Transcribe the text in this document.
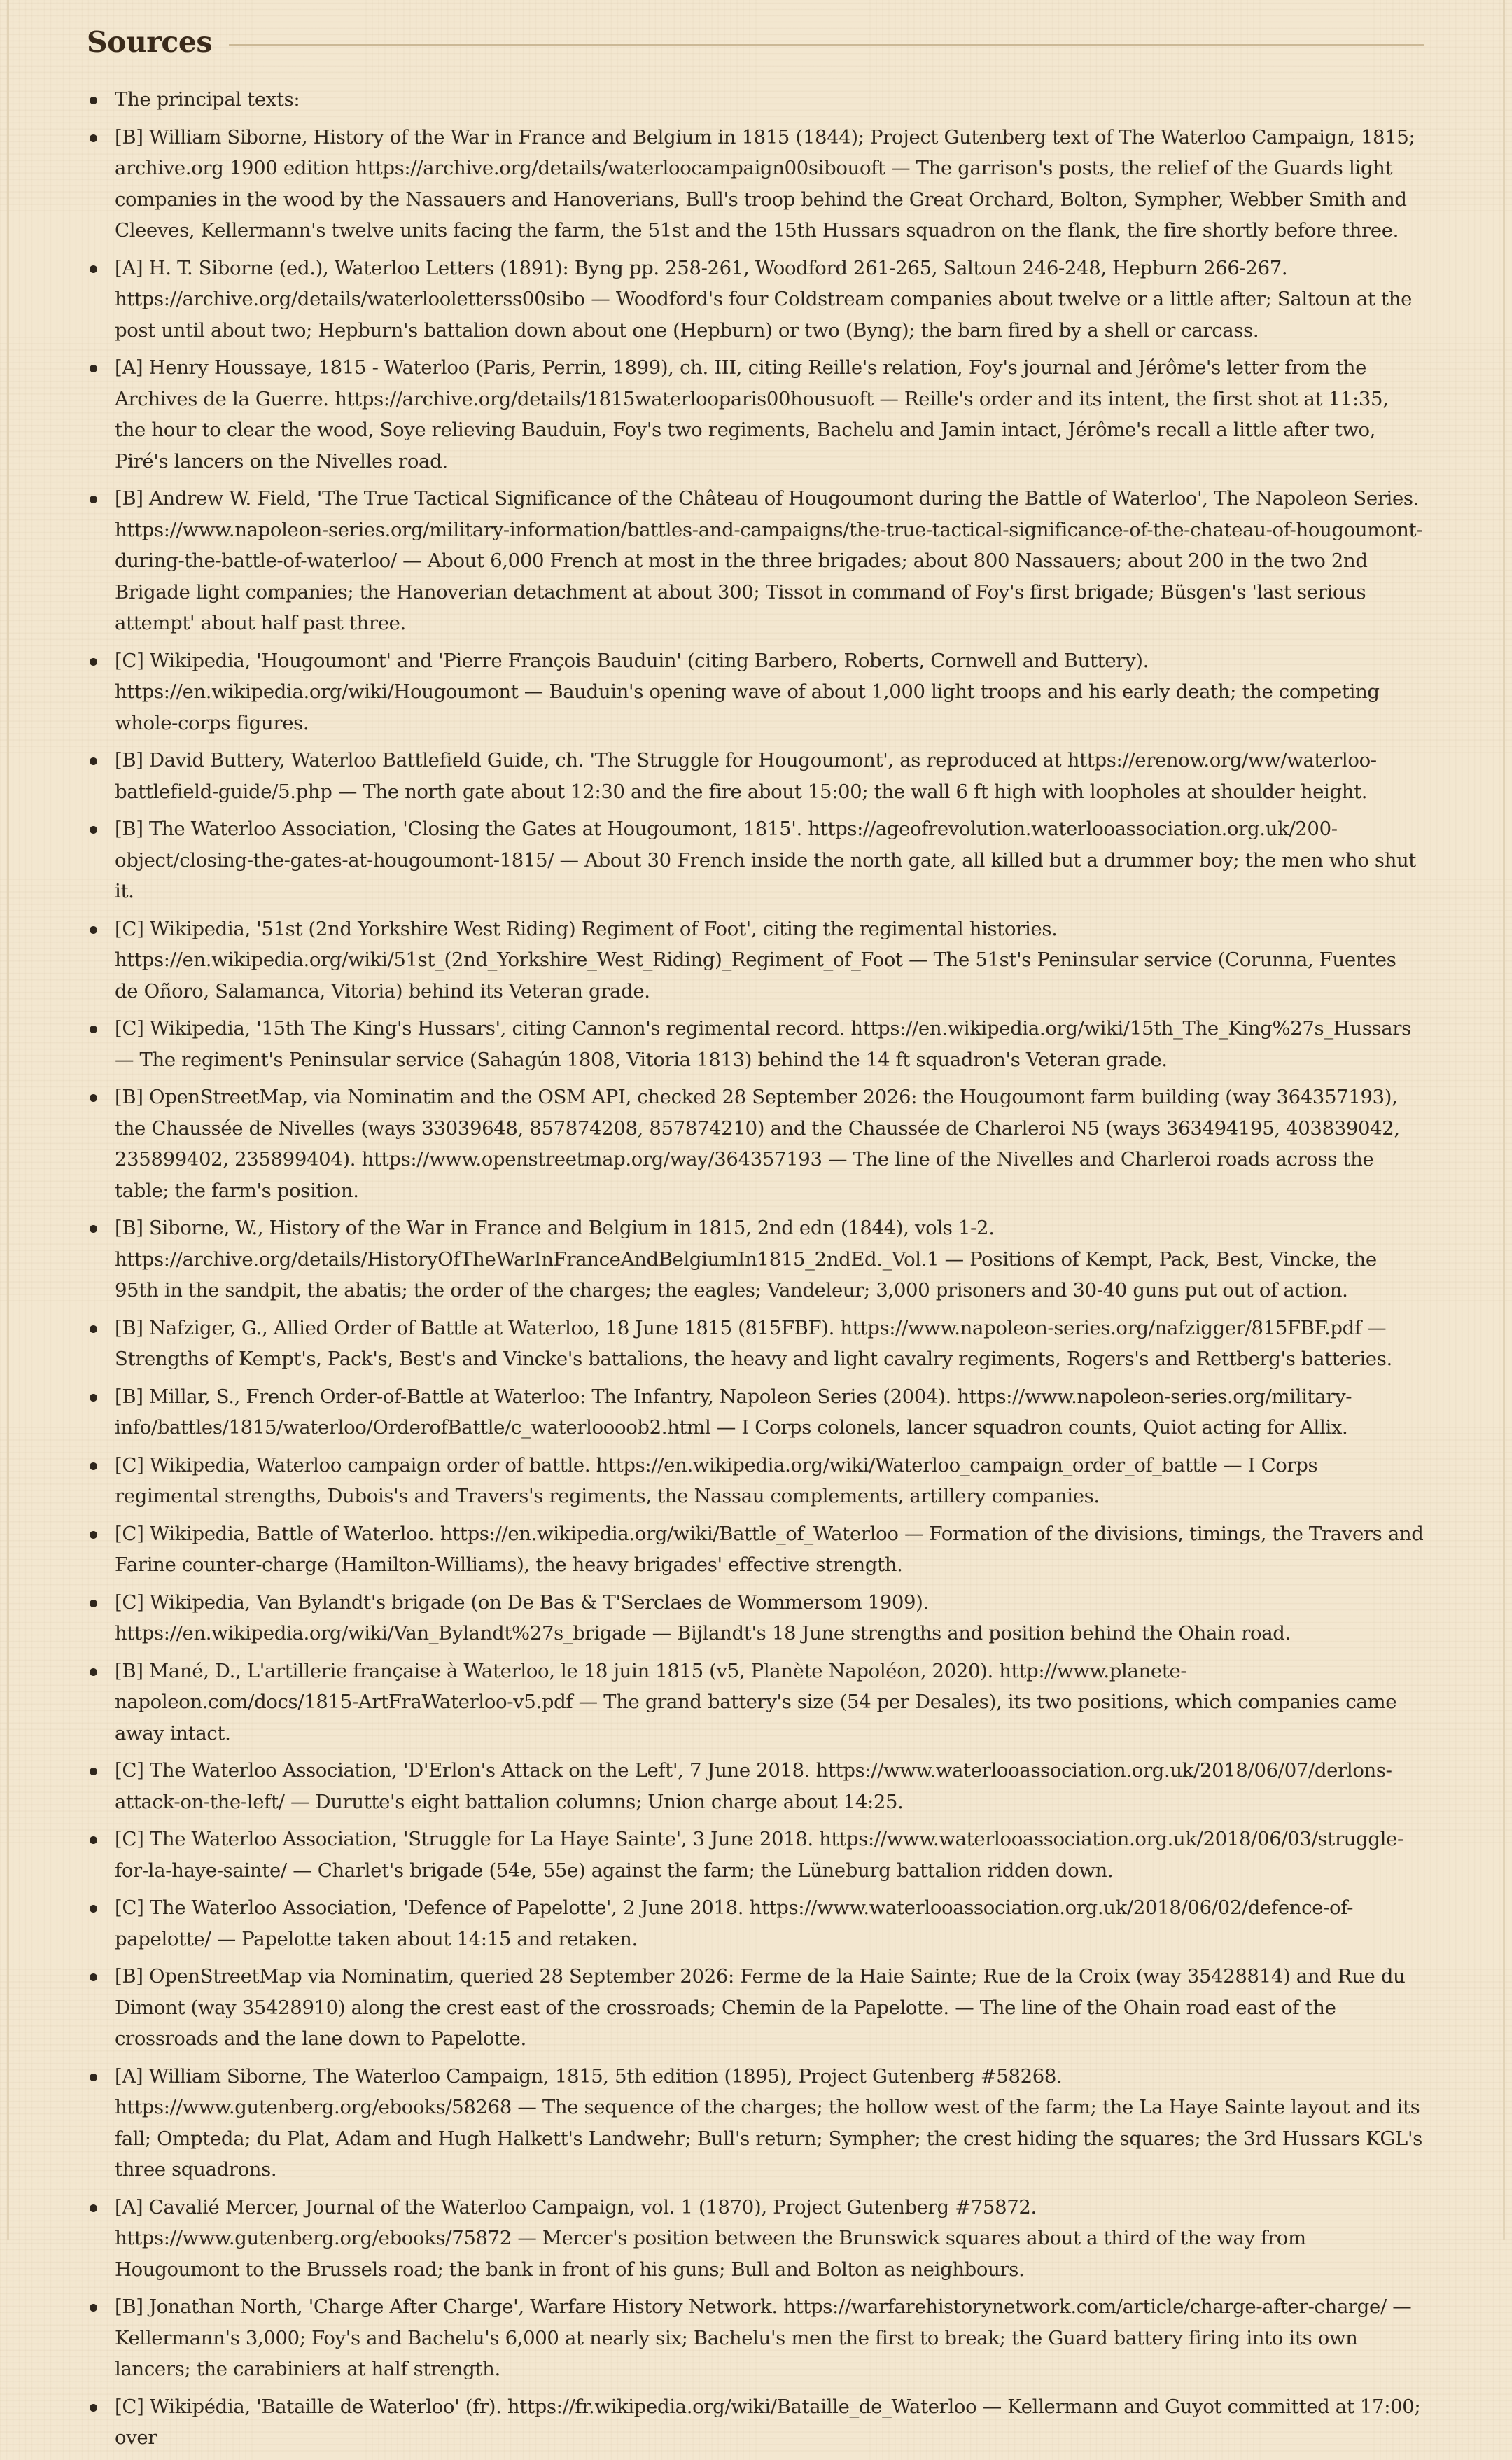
Sources
The principal texts:
[B] William Siborne, History of the War in France and Belgium in 1815 (1844); Project Gutenberg text of The Waterloo Campaign, 1815; archive.org 1900 edition https://archive.org/details/waterloocampaign00sibouoft — The garrison's posts, the relief of the Guards light companies in the wood by the Nassauers and Hanoverians, Bull's troop behind the Great Orchard, Bolton, Sympher, Webber Smith and Cleeves, Kellermann's twelve units facing the farm, the 51st and the 15th Hussars squadron on the flank, the fire shortly before three.
[A] H. T. Siborne (ed.), Waterloo Letters (1891): Byng pp. 258-261, Woodford 261-265, Saltoun 246-248, Hepburn 266-267. https://archive.org/details/waterlooletterss00sibo — Woodford's four Coldstream companies about twelve or a little after; Saltoun at the post until about two; Hepburn's battalion down about one (Hepburn) or two (Byng); the barn fired by a shell or carcass.
[A] Henry Houssaye, 1815 - Waterloo (Paris, Perrin, 1899), ch. III, citing Reille's relation, Foy's journal and Jérôme's letter from the Archives de la Guerre. https://archive.org/details/1815waterlooparis00housuoft — Reille's order and its intent, the first shot at 11:35, the hour to clear the wood, Soye relieving Bauduin, Foy's two regiments, Bachelu and Jamin intact, Jérôme's recall a little after two, Piré's lancers on the Nivelles road.
[B] Andrew W. Field, 'The True Tactical Significance of the Château of Hougoumont during the Battle of Waterloo', The Napoleon Series. https://www.napoleon-series.org/military-information/battles-and-campaigns/the-true-tactical-significance-of-the-chateau-of-hougoumont-during-the-battle-of-waterloo/ — About 6,000 French at most in the three brigades; about 800 Nassauers; about 200 in the two 2nd Brigade light companies; the Hanoverian detachment at about 300; Tissot in command of Foy's first brigade; Büsgen's 'last serious attempt' about half past three.
[C] Wikipedia, 'Hougoumont' and 'Pierre François Bauduin' (citing Barbero, Roberts, Cornwell and Buttery). https://en.wikipedia.org/wiki/Hougoumont — Bauduin's opening wave of about 1,000 light troops and his early death; the competing whole-corps figures.
[B] David Buttery, Waterloo Battlefield Guide, ch. 'The Struggle for Hougoumont', as reproduced at https://erenow.org/ww/waterloo-battlefield-guide/5.php — The north gate about 12:30 and the fire about 15:00; the wall 6 ft high with loopholes at shoulder height.
[B] The Waterloo Association, 'Closing the Gates at Hougoumont, 1815'. https://ageofrevolution.waterlooassociation.org.uk/200-object/closing-the-gates-at-hougoumont-1815/ — About 30 French inside the north gate, all killed but a drummer boy; the men who shut it.
[C] Wikipedia, '51st (2nd Yorkshire West Riding) Regiment of Foot', citing the regimental histories. https://en.wikipedia.org/wiki/51st_(2nd_Yorkshire_West_Riding)_Regiment_of_Foot — The 51st's Peninsular service (Corunna, Fuentes de Oñoro, Salamanca, Vitoria) behind its Veteran grade.
[C] Wikipedia, '15th The King's Hussars', citing Cannon's regimental record. https://en.wikipedia.org/wiki/15th_The_King%27s_Hussars — The regiment's Peninsular service (Sahagún 1808, Vitoria 1813) behind the 14 ft squadron's Veteran grade.
[B] OpenStreetMap, via Nominatim and the OSM API, checked 28 September 2026: the Hougoumont farm building (way 364357193), the Chaussée de Nivelles (ways 33039648, 857874208, 857874210) and the Chaussée de Charleroi N5 (ways 363494195, 403839042, 235899402, 235899404). https://www.openstreetmap.org/way/364357193 — The line of the Nivelles and Charleroi roads across the table; the farm's position.
[B] Siborne, W., History of the War in France and Belgium in 1815, 2nd edn (1844), vols 1-2. https://archive.org/details/HistoryOfTheWarInFranceAndBelgiumIn1815_2ndEd._Vol.1 — Positions of Kempt, Pack, Best, Vincke, the 95th in the sandpit, the abatis; the order of the charges; the eagles; Vandeleur; 3,000 prisoners and 30-40 guns put out of action.
[B] Nafziger, G., Allied Order of Battle at Waterloo, 18 June 1815 (815FBF). https://www.napoleon-series.org/nafzigger/815FBF.pdf — Strengths of Kempt's, Pack's, Best's and Vincke's battalions, the heavy and light cavalry regiments, Rogers's and Rettberg's batteries.
[B] Millar, S., French Order-of-Battle at Waterloo: The Infantry, Napoleon Series (2004). https://www.napoleon-series.org/military-info/battles/1815/waterloo/OrderofBattle/c_waterloooob2.html — I Corps colonels, lancer squadron counts, Quiot acting for Allix.
[C] Wikipedia, Waterloo campaign order of battle. https://en.wikipedia.org/wiki/Waterloo_campaign_order_of_battle — I Corps regimental strengths, Dubois's and Travers's regiments, the Nassau complements, artillery companies.
[C] Wikipedia, Battle of Waterloo. https://en.wikipedia.org/wiki/Battle_of_Waterloo — Formation of the divisions, timings, the Travers and Farine counter-charge (Hamilton-Williams), the heavy brigades' effective strength.
[C] Wikipedia, Van Bylandt's brigade (on De Bas & T'Serclaes de Wommersom 1909). https://en.wikipedia.org/wiki/Van_Bylandt%27s_brigade — Bijlandt's 18 June strengths and position behind the Ohain road.
[B] Mané, D., L'artillerie française à Waterloo, le 18 juin 1815 (v5, Planète Napoléon, 2020). http://www.planete-napoleon.com/docs/1815-ArtFraWaterloo-v5.pdf — The grand battery's size (54 per Desales), its two positions, which companies came away intact.
[C] The Waterloo Association, 'D'Erlon's Attack on the Left', 7 June 2018. https://www.waterlooassociation.org.uk/2018/06/07/derlons-attack-on-the-left/ — Durutte's eight battalion columns; Union charge about 14:25.
[C] The Waterloo Association, 'Struggle for La Haye Sainte', 3 June 2018. https://www.waterlooassociation.org.uk/2018/06/03/struggle-for-la-haye-sainte/ — Charlet's brigade (54e, 55e) against the farm; the Lüneburg battalion ridden down.
[C] The Waterloo Association, 'Defence of Papelotte', 2 June 2018. https://www.waterlooassociation.org.uk/2018/06/02/defence-of-papelotte/ — Papelotte taken about 14:15 and retaken.
[B] OpenStreetMap via Nominatim, queried 28 September 2026: Ferme de la Haie Sainte; Rue de la Croix (way 35428814) and Rue du Dimont (way 35428910) along the crest east of the crossroads; Chemin de la Papelotte. — The line of the Ohain road east of the crossroads and the lane down to Papelotte.
[A] William Siborne, The Waterloo Campaign, 1815, 5th edition (1895), Project Gutenberg #58268. https://www.gutenberg.org/ebooks/58268 — The sequence of the charges; the hollow west of the farm; the La Haye Sainte layout and its fall; Ompteda; du Plat, Adam and Hugh Halkett's Landwehr; Bull's return; Sympher; the crest hiding the squares; the 3rd Hussars KGL's three squadrons.
[A] Cavalié Mercer, Journal of the Waterloo Campaign, vol. 1 (1870), Project Gutenberg #75872. https://www.gutenberg.org/ebooks/75872 — Mercer's position between the Brunswick squares about a third of the way from Hougoumont to the Brussels road; the bank in front of his guns; Bull and Bolton as neighbours.
[B] Jonathan North, 'Charge After Charge', Warfare History Network. https://warfarehistorynetwork.com/article/charge-after-charge/ — Kellermann's 3,000; Foy's and Bachelu's 6,000 at nearly six; Bachelu's men the first to break; the Guard battery firing into its own lancers; the carabiniers at half strength.
[C] Wikipédia, 'Bataille de Waterloo' (fr). https://fr.wikipedia.org/wiki/Bataille_de_Waterloo — Kellermann and Guyot committed at 17:00; over
